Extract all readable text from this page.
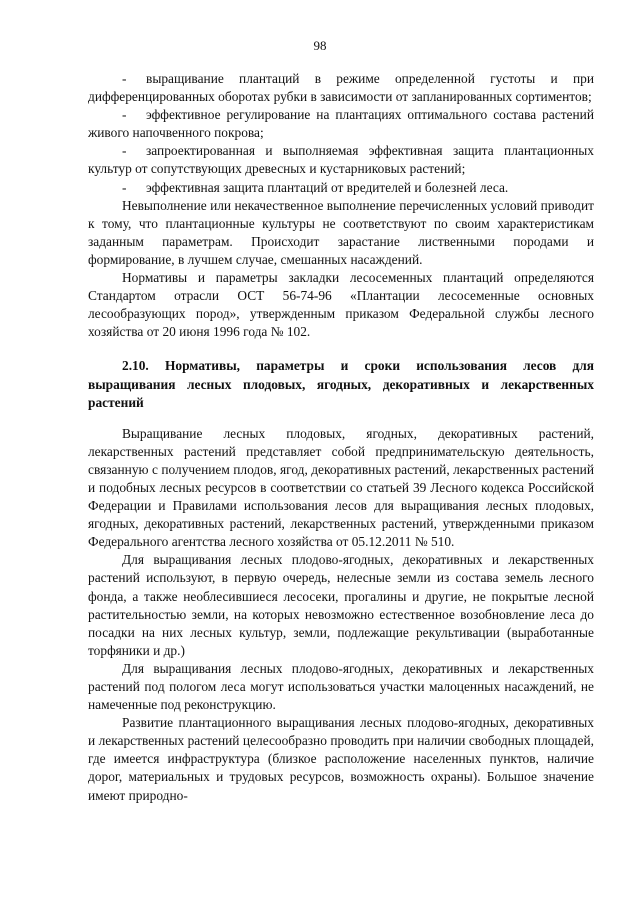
98

- выращивание плантаций в режиме определенной густоты и при дифференцированных оборотах рубки в зависимости от запланированных сортиментов;

- эффективное регулирование на плантациях оптимального состава растений живого напочвенного покрова;

- запроектированная и выполняемая эффективная защита плантационных культур от сопутствующих древесных и кустарниковых растений;

- эффективная защита плантаций от вредителей и болезней леса.

Невыполнение или некачественное выполнение перечисленных условий приводит к тому, что плантационные культуры не соответствуют по своим характеристикам заданным параметрам. Происходит зарастание лиственными породами и формирование, в лучшем случае, смешанных насаждений.

Нормативы и параметры закладки лесосеменных плантаций определяются Стандартом отрасли ОСТ 56-74-96 «Плантации лесосеменные основных лесообразующих пород», утвержденным приказом Федеральной службы лесного хозяйства от 20 июня 1996 года № 102.

2.10. Нормативы, параметры и сроки использования лесов для выращивания лесных плодовых, ягодных, декоративных и лекарственных растений

Выращивание лесных плодовых, ягодных, декоративных растений, лекарственных растений представляет собой предпринимательскую деятельность, связанную с получением плодов, ягод, декоративных растений, лекарственных растений и подобных лесных ресурсов в соответствии со статьей 39 Лесного кодекса Российской Федерации и Правилами использования лесов для выращивания лесных плодовых, ягодных, декоративных растений, лекарственных растений, утвержденными приказом Федерального агентства лесного хозяйства от 05.12.2011 № 510.

Для выращивания лесных плодово-ягодных, декоративных и лекарственных растений используют, в первую очередь, нелесные земли из состава земель лесного фонда, а также необлесившиеся лесосеки, прогалины и другие, не покрытые лесной растительностью земли, на которых невозможно естественное возобновление леса до посадки на них лесных культур, земли, подлежащие рекультивации (выработанные торфяники и др.)

Для выращивания лесных плодово-ягодных, декоративных и лекарственных растений под пологом леса могут использоваться участки малоценных насаждений, не намеченные под реконструкцию.

Развитие плантационного выращивания лесных плодово-ягодных, декоративных и лекарственных растений целесообразно проводить при наличии свободных площадей, где имеется инфраструктура (близкое расположение населенных пунктов, наличие дорог, материальных и трудовых ресурсов, возможность охраны). Большое значение имеют природно-
